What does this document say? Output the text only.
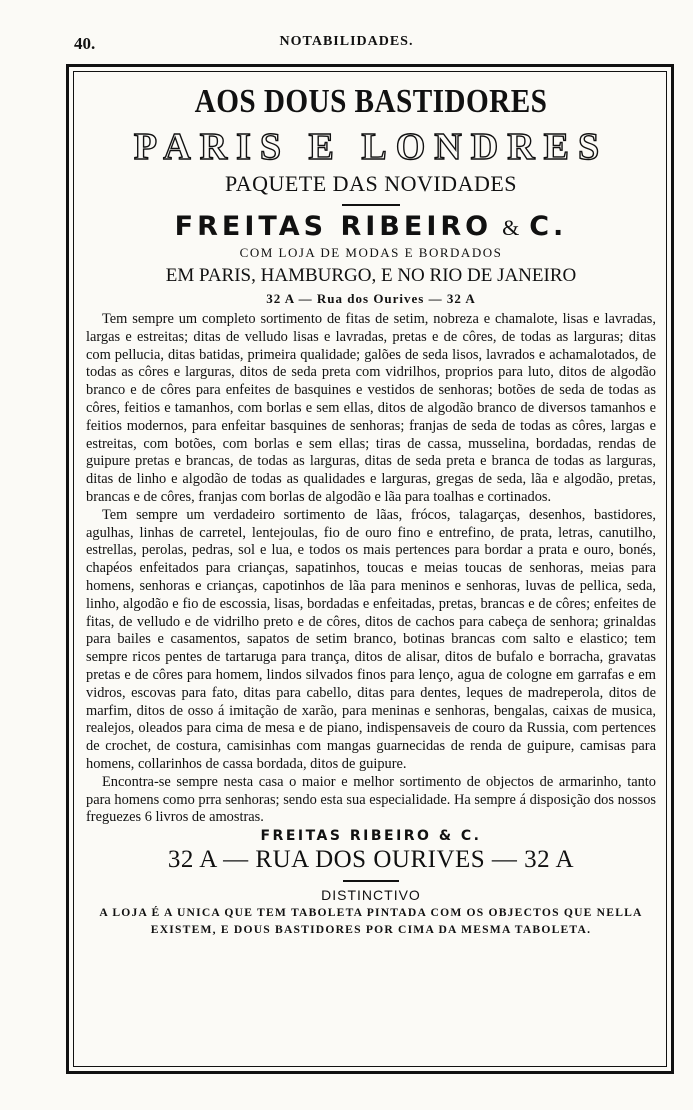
40.	NOTABILIDADES.
AOS DOUS BASTIDORES
PARIS E LONDRES
PAQUETE DAS NOVIDADES
FREITAS RIBEIRO & C.
COM LOJA DE MODAS E BORDADOS
EM PARIS, HAMBURGO, E NO RIO DE JANEIRO
32 A — Rua dos Ourives — 32 A

Tem sempre um completo sortimento de fitas de setim, nobreza e chamalote, lisas e lavradas, largas e estreitas; ditas de velludo lisas e lavradas, pretas e de côres, de todas as larguras; ditas com pellucia, ditas batidas, primeira qualidade; galões de seda lisos, lavrados e achamalotados, de todas as côres e larguras, ditos de seda preta com vidrilhos, proprios para luto, ditos de algodão branco e de côres para enfeites de basquines e vestidos de senhoras; botões de seda de todas as côres, feitios e tamanhos, com borlas e sem ellas, ditos de algodão branco de diversos tamanhos e feitios modernos, para enfeitar basquines de senhoras; franjas de seda de todas as côres, largas e estreitas, com botões, com borlas e sem ellas; tiras de cassa, musselina, bordadas, rendas de guipure pretas e brancas, de todas as larguras, ditas de seda preta e branca de todas as larguras, ditas de linho e algodão de todas as qualidades e larguras, gregas de seda, lãa e algodão, pretas, brancas e de côres, franjas com borlas de algodão e lãa para toalhas e cortinados.

Tem sempre um verdadeiro sortimento de lãas, frócos, talagarças, desenhos, bastidores, agulhas, linhas de carretel, lentejoulas, fio de ouro fino e entrefino, de prata, letras, canutilho, estrellas, perolas, pedras, sol e lua, e todos os mais pertences para bordar a prata e ouro, bonés, chapéos enfeitados para crianças, sapatinhos, toucas e meias toucas de senhoras, meias para homens, senhoras e crianças, capotinhos de lãa para meninos e senhoras, luvas de pellica, seda, linho, algodão e fio de escossia, lisas, bordadas e enfeitadas, pretas, brancas e de côres; enfeites de fitas, de velludo e de vidrilho preto e de côres, ditos de cachos para cabeça de senhora; grinaldas para bailes e casamentos, sapatos de setim branco, botinas brancas com salto e elastico; tem sempre ricos pentes de tartaruga para trança, ditos de alisar, ditos de bufalo e borracha, gravatas pretas e de côres para homem, lindos silvados finos para lenço, agua de cologne em garrafas e em vidros, escovas para fato, ditas para cabello, ditas para dentes, leques de madreperola, ditos de marfim, ditos de osso á imitação de xarão, para meninas e senhoras, bengalas, caixas de musica, realejos, oleados para cima de mesa e de piano, indispensaveis de couro da Russia, com pertences de crochet, de costura, camisinhas com mangas guarnecidas de renda de guipure, camisas para homens, collarinhos de cassa bordada, ditos de guipure.

Encontra-se sempre nesta casa o maior e melhor sortimento de objectos de armarinho, tanto para homens como prra senhoras; sendo esta sua especialidade. Ha sempre á disposição dos nossos freguezes 6 livros de amostras.

FREITAS RIBEIRO & C.
32 A — RUA DOS OURIVES — 32 A
DISTINCTIVO
A LOJA É A UNICA QUE TEM TABOLETA PINTADA COM OS OBJECTOS QUE NELLA EXISTEM, E DOUS BASTIDORES POR CIMA DA MESMA TABOLETA.
